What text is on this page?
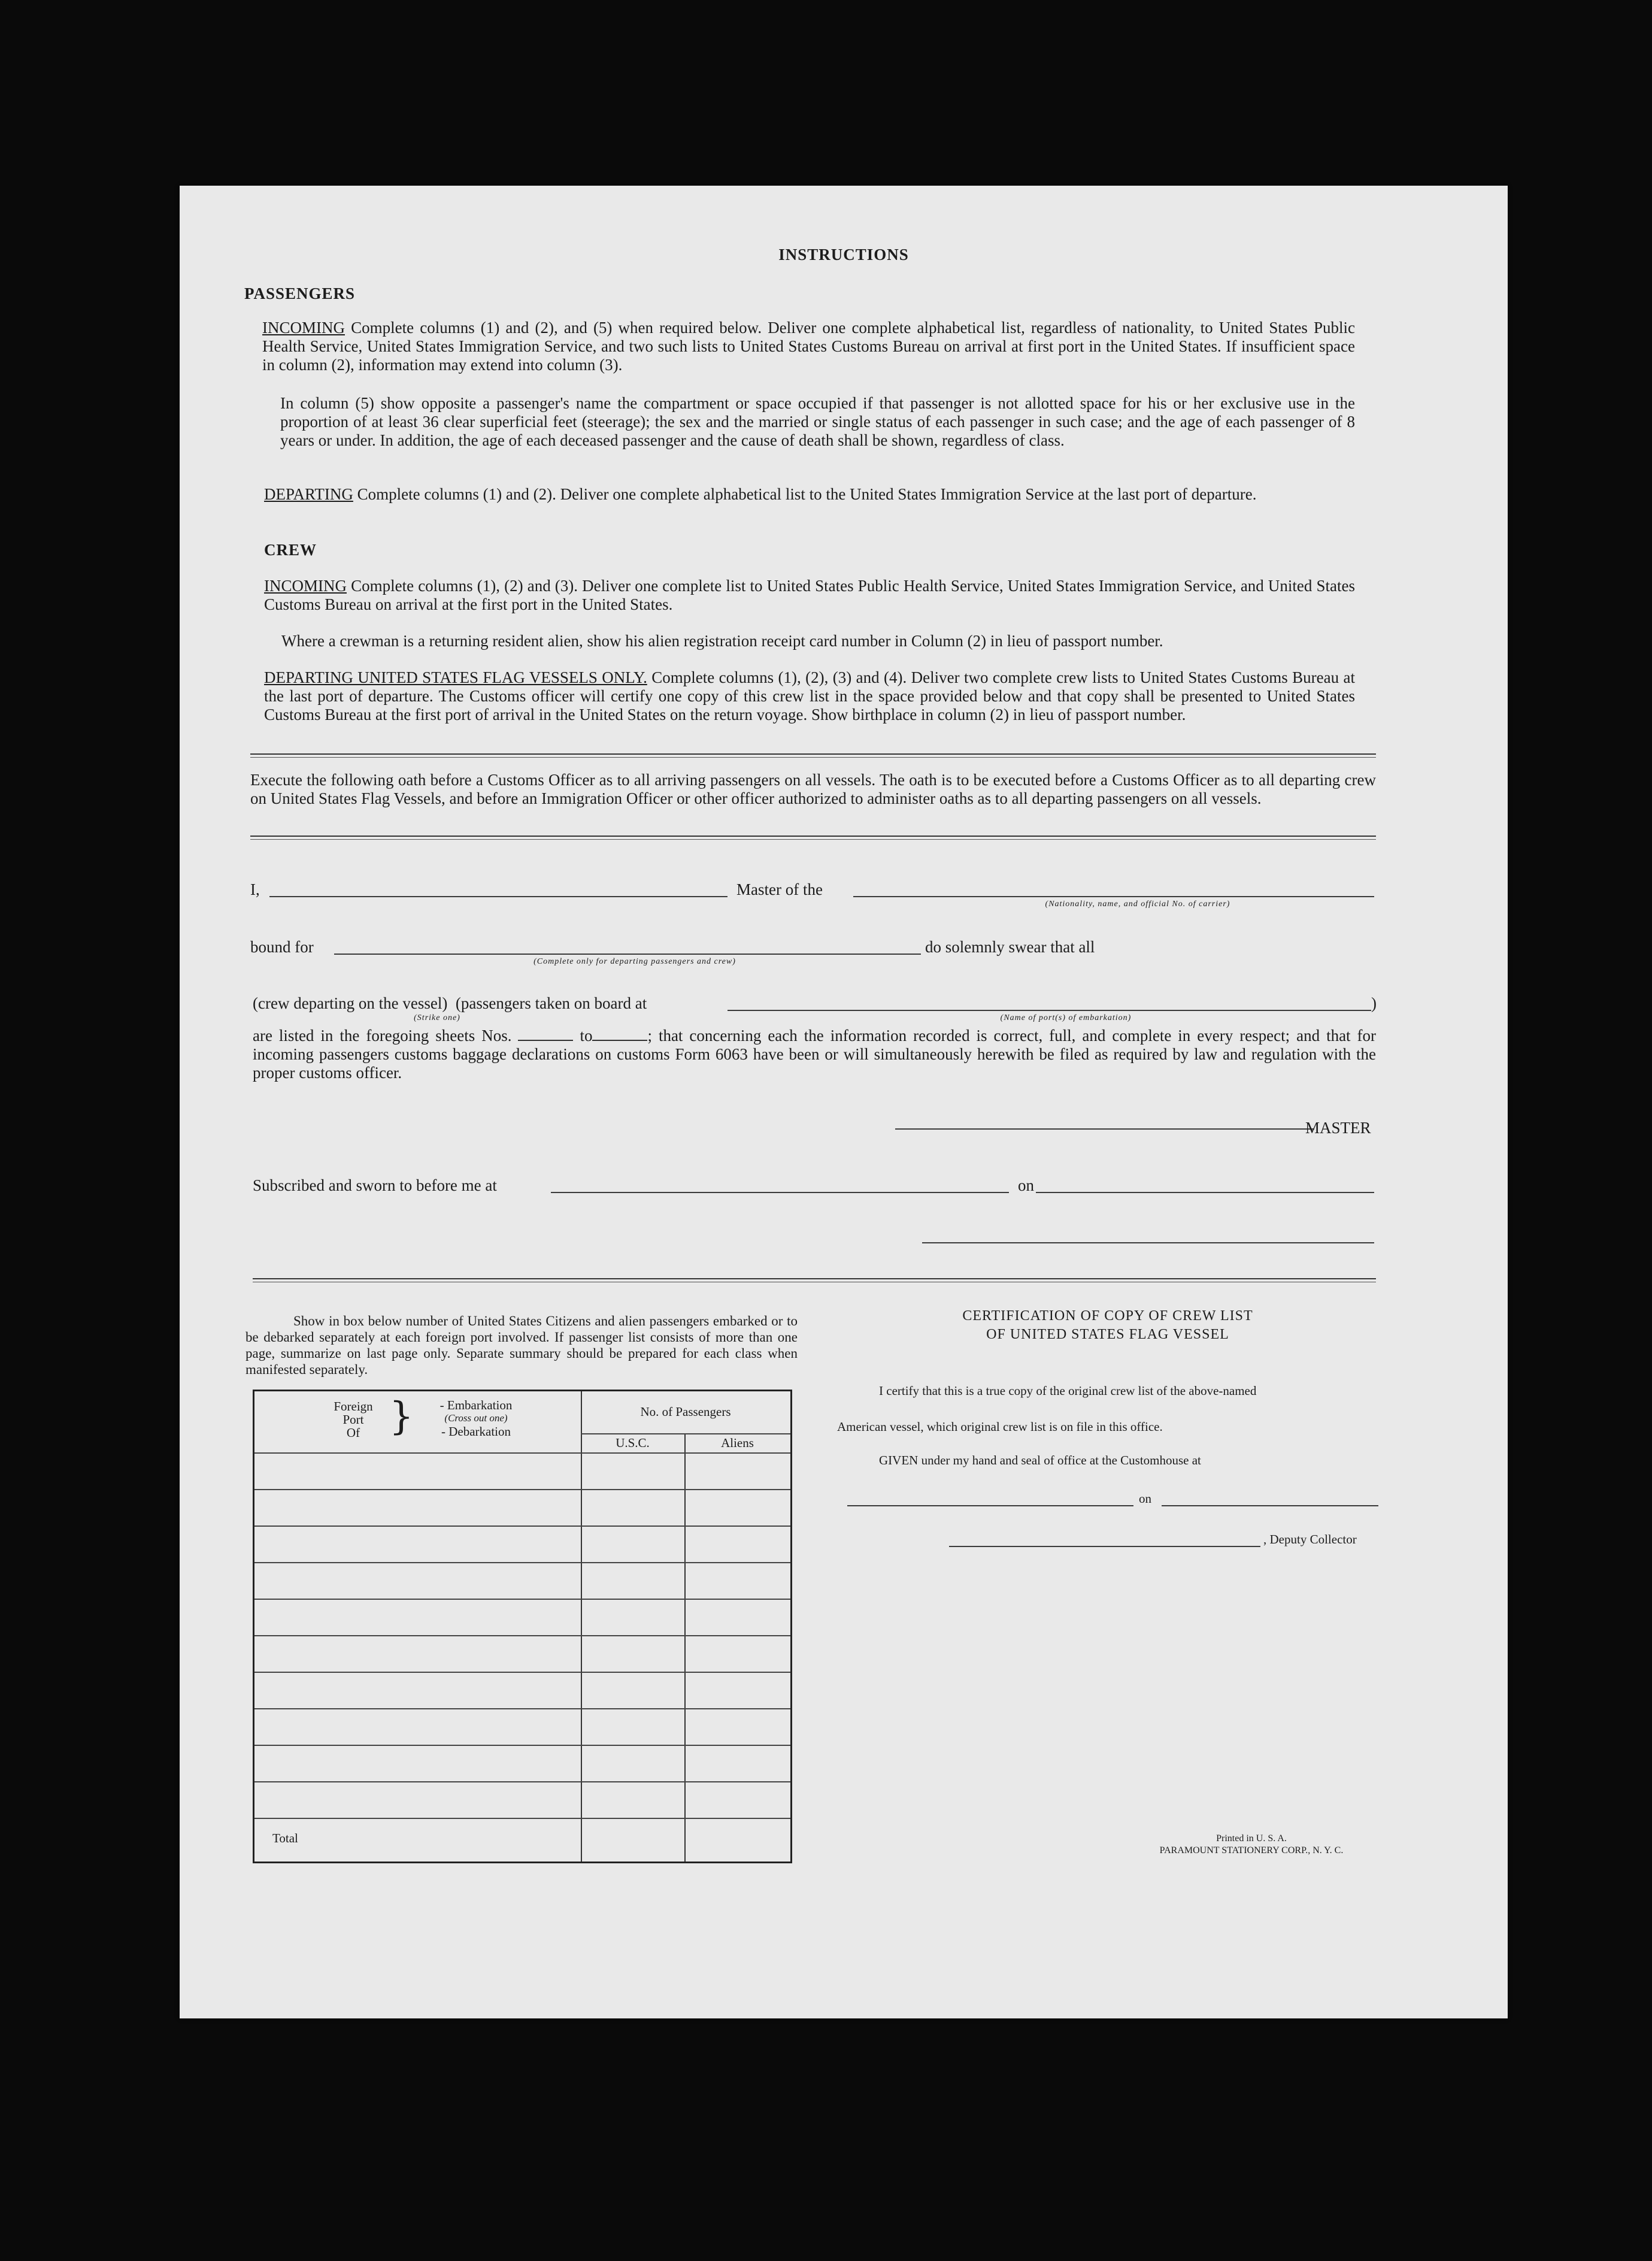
INSTRUCTIONS
PASSENGERS
INCOMING Complete columns (1) and (2), and (5) when required below. Deliver one complete alphabetical list, regardless of nationality, to United States Public Health Service, United States Immigration Service, and two such lists to United States Customs Bureau on arrival at first port in the United States. If insufficient space in column (2), information may extend into column (3).
In column (5) show opposite a passenger's name the compartment or space occupied if that passenger is not allotted space for his or her exclusive use in the proportion of at least 36 clear superficial feet (steerage); the sex and the married or single status of each passenger in such case; and the age of each passenger of 8 years or under. In addition, the age of each deceased passenger and the cause of death shall be shown, regardless of class.
DEPARTING Complete columns (1) and (2). Deliver one complete alphabetical list to the United States Immigration Service at the last port of departure.
CREW
INCOMING Complete columns (1), (2) and (3). Deliver one complete list to United States Public Health Service, United States Immigration Service, and United States Customs Bureau on arrival at the first port in the United States.
Where a crewman is a returning resident alien, show his alien registration receipt card number in Column (2) in lieu of passport number.
DEPARTING UNITED STATES FLAG VESSELS ONLY. Complete columns (1), (2), (3) and (4). Deliver two complete crew lists to United States Customs Bureau at the last port of departure. The Customs officer will certify one copy of this crew list in the space provided below and that copy shall be presented to United States Customs Bureau at the first port of arrival in the United States on the return voyage. Show birthplace in column (2) in lieu of passport number.
Execute the following oath before a Customs Officer as to all arriving passengers on all vessels. The oath is to be executed before a Customs Officer as to all departing crew on United States Flag Vessels, and before an Immigration Officer or other officer authorized to administer oaths as to all departing passengers on all vessels.
I,	Master of the
(Nationality, name, and official No. of carrier)
bound for
(Complete only for departing passengers and crew)
do solemnly swear that all
(crew departing on the vessel)  (passengers taken on board at
(Strike one)	(Name of port(s) of embarkation)
)
are listed in the foregoing sheets Nos.	to	; that concerning each the information recorded is correct, full, and complete in every respect; and that for incoming passengers customs baggage declarations on customs Form 6063 have been or will simultaneously herewith be filed as required by law and regulation with the proper customs officer.
MASTER
Subscribed and sworn to before me at	on
Show in box below number of United States Citizens and alien passengers embarked or to be debarked separately at each foreign port involved. If passenger list consists of more than one page, summarize on last page only. Separate summary should be prepared for each class when manifested separately.
Foreign
Port
Of }	- Embarkation
(Cross out one)
- Debarkation
No. of Passengers
U.S.C.	Aliens
Total
CERTIFICATION OF COPY OF CREW LIST
OF UNITED STATES FLAG VESSEL
I certify that this is a true copy of the original crew list of the above-named
American vessel, which original crew list is on file in this office.
GIVEN under my hand and seal of office at the Customhouse at
on
, Deputy Collector
Printed in U. S. A.
PARAMOUNT STATIONERY CORP., N. Y. C.
